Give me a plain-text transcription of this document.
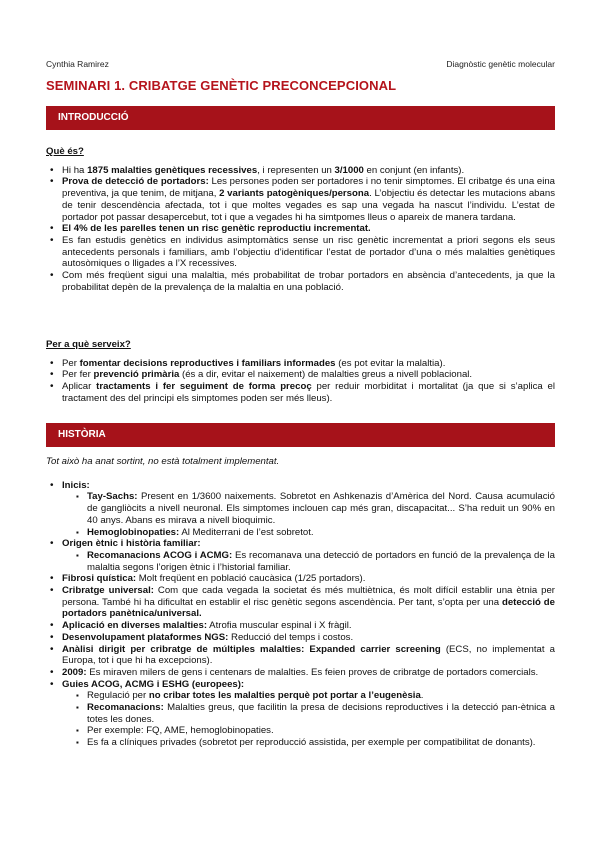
Cynthia Ramirez	Diagnòstic genètic molecular
SEMINARI 1. CRIBATGE GENÈTIC PRECONCEPCIONAL
INTRODUCCIÓ

Què és?

• Hi ha 1875 malalties genètiques recessives, i representen un 3/1000 en conjunt (en infants).
• Prova de detecció de portadors: Les persones poden ser portadores i no tenir simptomes. El cribatge és una eina preventiva, ja que tenim, de mitjana, 2 variants patogèniques/persona. L’objectiu és detectar les mutacions abans de tenir descendència afectada, tot i que moltes vegades es sap una vegada ha nascut l’individu. L’estat de portador pot passar desapercebut, tot i que a vegades hi ha simtpomes lleus o apareix de manera tardana.
• El 4% de les parelles tenen un risc genètic reproductiu incrementat.
• Es fan estudis genètics en individus asimptomàtics sense un risc genètic incrementat a priori segons els seus antecedents personals i familiars, amb l’objectiu d’identificar l’estat de portador d’una o més malalties genètiques autosòmiques o lligades a l’X recessives.
• Com més freqüent sigui una malaltia, més probabilitat de trobar portadors en absència d’antecedents, ja que la probabilitat depèn de la prevalença de la malaltia en una població.

Per a què serveix?

• Per fomentar decisions reproductives i familiars informades (es pot evitar la malaltia).
• Per fer prevenció primària (és a dir, evitar el naixement) de malalties greus a nivell poblacional.
• Aplicar tractaments i fer seguiment de forma precoç per reduir morbiditat i mortalitat (ja que si s’aplica el tractament des del principi els simptomes poden ser més lleus).
HISTÒRIA

Tot això ha anat sortint, no està totalment implementat.

• Inicis:
▪ Tay-Sachs: Present en 1/3600 naixements. Sobretot en Ashkenazis d’Amèrica del Nord. Causa acumulació de gangliòcits a nivell neuronal. Els simptomes inclouen cap més gran, discapacitat... S’ha reduit un 90% en 40 anys. Abans es mirava a nivell bioquimic.
▪ Hemoglobinopaties: Al Mediterrani de l’est sobretot.
• Origen ètnic i història familiar:
▪ Recomanacions ACOG i ACMG: Es recomanava una detecció de portadors en funció de la prevalença de la malaltia segons l’origen ètnic i l’historial familiar.
• Fibrosi quística: Molt freqüent en població caucàsica (1/25 portadors).
• Cribratge universal: Com que cada vegada la societat és més multiètnica, és molt difícil establir una ètnia per persona. També hi ha dificultat en establir el risc genètic segons ascendència. Per tant, s’opta per una detecció de portadors panètnica/universal.
• Aplicació en diverses malalties: Atrofia muscular espinal i X fràgil.
• Desenvolupament plataformes NGS: Reducció del temps i costos.
• Anàlisi dirigit per cribratge de múltiples malalties: Expanded carrier screening (ECS, no implementat a Europa, tot i que hi ha excepcions).
• 2009: Es miraven milers de gens i centenars de malalties. Es feien proves de cribratge de portadors comercials.
• Guies ACOG, ACMG i ESHG (europees):
▪ Regulació per no cribar totes les malalties perquè pot portar a l’eugenèsia.
▪ Recomanacions: Malalties greus, que facilitin la presa de decisions reproductives i la detecció pan-ètnica a totes les dones.
▪ Per exemple: FQ, AME, hemoglobinopaties.
▪ Es fa a clíniques privades (sobretot per reproducció assistida, per exemple per compatibilitat de donants).
